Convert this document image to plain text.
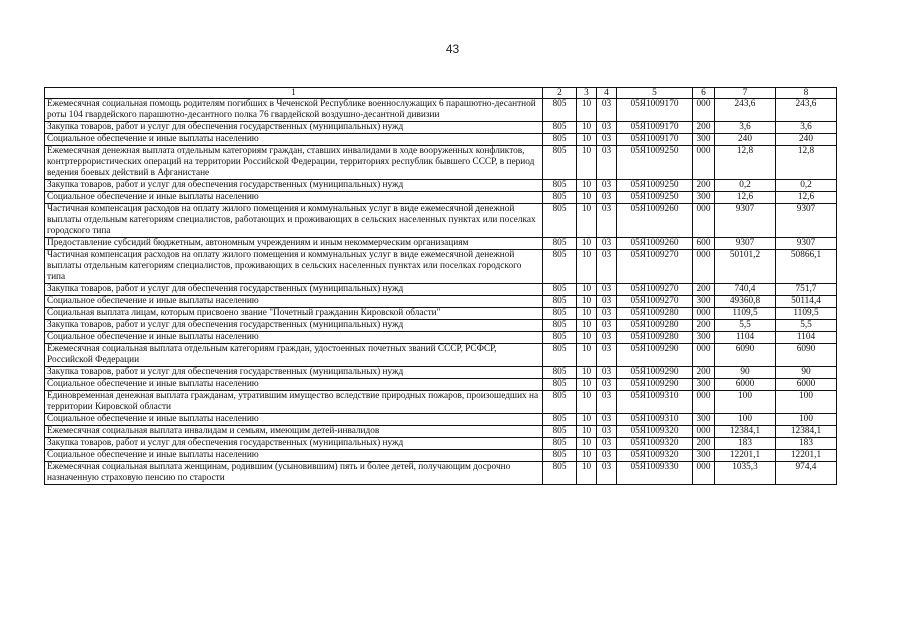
43
1	2	3	4	5	6	7	8
Ежемесячная социальная помощь родителям погибших в Чеченской Республике военнослужащих 6 парашютно-десантной роты 104 гвардейского парашютно-десантного полка 76 гвардейской воздушно-десантной дивизии	805	10	03	05Я1009170	000	243,6	243,6
Закупка товаров, работ и услуг для обеспечения государственных (муниципальных) нужд	805	10	03	05Я1009170	200	3,6	3,6
Социальное обеспечение и иные выплаты населению	805	10	03	05Я1009170	300	240	240
Ежемесячная денежная выплата отдельным категориям граждан, ставших инвалидами в ходе вооруженных конфликтов, контртеррористических операций на территории Российской Федерации, территориях республик бывшего СССР, в период ведения боевых действий в Афганистане	805	10	03	05Я1009250	000	12,8	12,8
Закупка товаров, работ и услуг для обеспечения государственных (муниципальных) нужд	805	10	03	05Я1009250	200	0,2	0,2
Социальное обеспечение и иные выплаты населению	805	10	03	05Я1009250	300	12,6	12,6
Частичная компенсация расходов на оплату жилого помещения и коммунальных услуг в виде ежемесячной денежной выплаты отдельным категориям специалистов, работающих и проживающих в сельских населенных пунктах или поселках городского типа	805	10	03	05Я1009260	000	9307	9307
Предоставление субсидий бюджетным, автономным учреждениям и иным некоммерческим организациям	805	10	03	05Я1009260	600	9307	9307
Частичная компенсация расходов на оплату жилого помещения и коммунальных услуг в виде ежемесячной денежной выплаты отдельным категориям специалистов, проживающих в сельских населенных пунктах или поселках городского типа	805	10	03	05Я1009270	000	50101,2	50866,1
Закупка товаров, работ и услуг для обеспечения государственных (муниципальных) нужд	805	10	03	05Я1009270	200	740,4	751,7
Социальное обеспечение и иные выплаты населению	805	10	03	05Я1009270	300	49360,8	50114,4
Социальная выплата лицам, которым присвоено звание "Почетный гражданин Кировской области"	805	10	03	05Я1009280	000	1109,5	1109,5
Закупка товаров, работ и услуг для обеспечения государственных (муниципальных) нужд	805	10	03	05Я1009280	200	5,5	5,5
Социальное обеспечение и иные выплаты населению	805	10	03	05Я1009280	300	1104	1104
Ежемесячная социальная выплата отдельным категориям граждан, удостоенных почетных званий СССР, РСФСР, Российской Федерации	805	10	03	05Я1009290	000	6090	6090
Закупка товаров, работ и услуг для обеспечения государственных (муниципальных) нужд	805	10	03	05Я1009290	200	90	90
Социальное обеспечение и иные выплаты населению	805	10	03	05Я1009290	300	6000	6000
Единовременная денежная выплата гражданам, утратившим имущество вследствие природных пожаров, произошедших на территории Кировской области	805	10	03	05Я1009310	000	100	100
Социальное обеспечение и иные выплаты населению	805	10	03	05Я1009310	300	100	100
Ежемесячная социальная выплата инвалидам и семьям, имеющим детей-инвалидов	805	10	03	05Я1009320	000	12384,1	12384,1
Закупка товаров, работ и услуг для обеспечения государственных (муниципальных) нужд	805	10	03	05Я1009320	200	183	183
Социальное обеспечение и иные выплаты населению	805	10	03	05Я1009320	300	12201,1	12201,1
Ежемесячная социальная выплата женщинам, родившим (усыновившим) пять и более детей, получающим досрочно назначенную страховую пенсию по старости	805	10	03	05Я1009330	000	1035,3	974,4
